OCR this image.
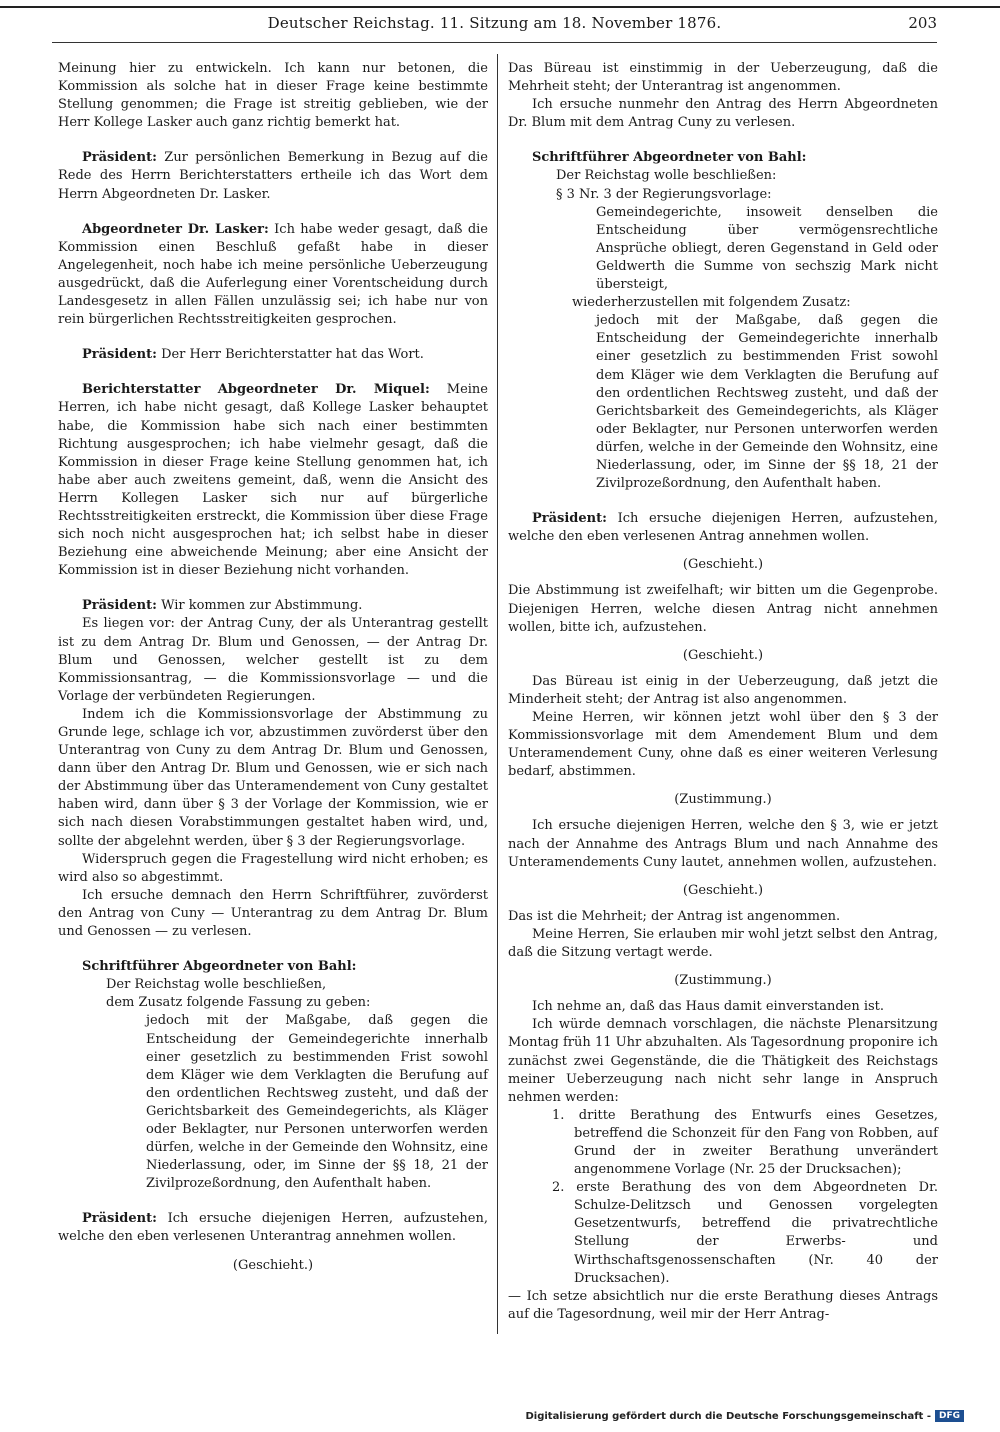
Deutscher Reichstag. 11. Sitzung am 18. November 1876.	203

Meinung hier zu entwickeln. Ich kann nur betonen, die Kommission als solche hat in dieser Frage keine bestimmte Stellung genommen; die Frage ist streitig geblieben, wie der Herr Kollege Lasker auch ganz richtig bemerkt hat.

Präsident: Zur persönlichen Bemerkung in Bezug auf die Rede des Herrn Berichterstatters ertheile ich das Wort dem Herrn Abgeordneten Dr. Lasker.

Abgeordneter Dr. Lasker: Ich habe weder gesagt, daß die Kommission einen Beschluß gefaßt habe in dieser Angelegenheit, noch habe ich meine persönliche Ueberzeugung ausgedrückt, daß die Auferlegung einer Vorentscheidung durch Landesgesetz in allen Fällen unzulässig sei; ich habe nur von rein bürgerlichen Rechtsstreitigkeiten gesprochen.

Präsident: Der Herr Berichterstatter hat das Wort.

Berichterstatter Abgeordneter Dr. Miquel: Meine Herren, ich habe nicht gesagt, daß Kollege Lasker behauptet habe, die Kommission habe sich nach einer bestimmten Richtung ausgesprochen; ich habe vielmehr gesagt, daß die Kommission in dieser Frage keine Stellung genommen hat, ich habe aber auch zweitens gemeint, daß, wenn die Ansicht des Herrn Kollegen Lasker sich nur auf bürgerliche Rechtsstreitigkeiten erstreckt, die Kommission über diese Frage sich noch nicht ausgesprochen hat; ich selbst habe in dieser Beziehung eine abweichende Meinung; aber eine Ansicht der Kommission ist in dieser Beziehung nicht vorhanden.

Präsident: Wir kommen zur Abstimmung.

Es liegen vor: der Antrag Cuny, der als Unterantrag gestellt ist zu dem Antrag Dr. Blum und Genossen, — der Antrag Dr. Blum und Genossen, welcher gestellt ist zu dem Kommissionsantrag, — die Kommissionsvorlage — und die Vorlage der verbündeten Regierungen.

Indem ich die Kommissionsvorlage der Abstimmung zu Grunde lege, schlage ich vor, abzustimmen zuvörderst über den Unterantrag von Cuny zu dem Antrag Dr. Blum und Genossen, dann über den Antrag Dr. Blum und Genossen, wie er sich nach der Abstimmung über das Unteramendement von Cuny gestaltet haben wird, dann über § 3 der Vorlage der Kommission, wie er sich nach diesen Vorabstimmungen gestaltet haben wird, und, sollte der abgelehnt werden, über § 3 der Regierungsvorlage.

Widerspruch gegen die Fragestellung wird nicht erhoben; es wird also so abgestimmt.

Ich ersuche demnach den Herrn Schriftführer, zuvörderst den Antrag von Cuny — Unterantrag zu dem Antrag Dr. Blum und Genossen — zu verlesen.

Schriftführer Abgeordneter von Bahl:

Der Reichstag wolle beschließen,

dem Zusatz folgende Fassung zu geben:

jedoch mit der Maßgabe, daß gegen die Entscheidung der Gemeindegerichte innerhalb einer gesetzlich zu bestimmenden Frist sowohl dem Kläger wie dem Verklagten die Berufung auf den ordentlichen Rechtsweg zusteht, und daß der Gerichtsbarkeit des Gemeindegerichts, als Kläger oder Beklagter, nur Personen unterworfen werden dürfen, welche in der Gemeinde den Wohnsitz, eine Niederlassung, oder, im Sinne der §§ 18, 21 der Zivilprozeßordnung, den Aufenthalt haben.

Präsident: Ich ersuche diejenigen Herren, aufzustehen, welche den eben verlesenen Unterantrag annehmen wollen.

(Geschieht.)

Das Büreau ist einstimmig in der Ueberzeugung, daß die Mehrheit steht; der Unterantrag ist angenommen.

Ich ersuche nunmehr den Antrag des Herrn Abgeordneten Dr. Blum mit dem Antrag Cuny zu verlesen.

Schriftführer Abgeordneter von Bahl:

Der Reichstag wolle beschließen:

§ 3 Nr. 3 der Regierungsvorlage:

Gemeindegerichte, insoweit denselben die Entscheidung über vermögensrechtliche Ansprüche obliegt, deren Gegenstand in Geld oder Geldwerth die Summe von sechszig Mark nicht übersteigt,

wiederherzustellen mit folgendem Zusatz:

jedoch mit der Maßgabe, daß gegen die Entscheidung der Gemeindegerichte innerhalb einer gesetzlich zu bestimmenden Frist sowohl dem Kläger wie dem Verklagten die Berufung auf den ordentlichen Rechtsweg zusteht, und daß der Gerichtsbarkeit des Gemeindegerichts, als Kläger oder Beklagter, nur Personen unterworfen werden dürfen, welche in der Gemeinde den Wohnsitz, eine Niederlassung, oder, im Sinne der §§ 18, 21 der Zivilprozeßordnung, den Aufenthalt haben.

Präsident: Ich ersuche diejenigen Herren, aufzustehen, welche den eben verlesenen Antrag annehmen wollen.

(Geschieht.)

Die Abstimmung ist zweifelhaft; wir bitten um die Gegenprobe. Diejenigen Herren, welche diesen Antrag nicht annehmen wollen, bitte ich, aufzustehen.

(Geschieht.)

Das Büreau ist einig in der Ueberzeugung, daß jetzt die Minderheit steht; der Antrag ist also angenommen.

Meine Herren, wir können jetzt wohl über den § 3 der Kommissionsvorlage mit dem Amendement Blum und dem Unteramendement Cuny, ohne daß es einer weiteren Verlesung bedarf, abstimmen.

(Zustimmung.)

Ich ersuche diejenigen Herren, welche den § 3, wie er jetzt nach der Annahme des Antrags Blum und nach Annahme des Unteramendements Cuny lautet, annehmen wollen, aufzustehen.

(Geschieht.)

Das ist die Mehrheit; der Antrag ist angenommen.

Meine Herren, Sie erlauben mir wohl jetzt selbst den Antrag, daß die Sitzung vertagt werde.

(Zustimmung.)

Ich nehme an, daß das Haus damit einverstanden ist.

Ich würde demnach vorschlagen, die nächste Plenarsitzung Montag früh 11 Uhr abzuhalten. Als Tagesordnung proponire ich zunächst zwei Gegenstände, die die Thätigkeit des Reichstags meiner Ueberzeugung nach nicht sehr lange in Anspruch nehmen werden:

1. dritte Berathung des Entwurfs eines Gesetzes, betreffend die Schonzeit für den Fang von Robben, auf Grund der in zweiter Berathung unverändert angenommene Vorlage (Nr. 25 der Drucksachen);

2. erste Berathung des von dem Abgeordneten Dr. Schulze-Delitzsch und Genossen vorgelegten Gesetzentwurfs, betreffend die privatrechtliche Stellung der Erwerbs- und Wirthschaftsgenossenschaften (Nr. 40 der Drucksachen).

— Ich setze absichtlich nur die erste Berathung dieses Antrags auf die Tagesordnung, weil mir der Herr Antrag-

Digitalisierung gefördert durch die Deutsche Forschungsgemeinschaft - DFG
